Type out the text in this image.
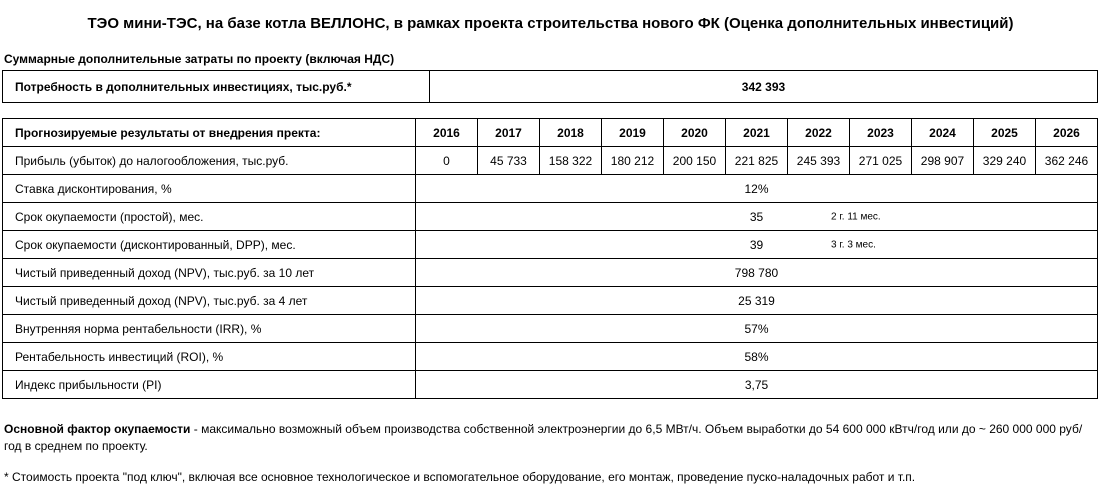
ТЭО мини-ТЭС, на базе котла ВЕЛЛОНС, в рамках проекта строительства нового ФК (Оценка дополнительных инвестиций)
Суммарные дополнительные затраты по проекту (включая НДС)
Потребность в дополнительных инвестициях, тыс.руб.*	342 393
Прогнозируемые результаты от внедрения пректа:	2016	2017	2018	2019	2020	2021	2022	2023	2024	2025	2026
Прибыль (убыток) до налогообложения, тыс.руб.	0	45 733	158 322	180 212	200 150	221 825	245 393	271 025	298 907	329 240	362 246
Ставка дисконтирования, %	12%										
Срок окупаемости (простой), мес.	35 2 г. 11 мес.										

Срок окупаемости (дисконтированный, DPP), мес.	39 3 г. 3 мес.										

Чистый приведенный доход (NPV), тыс.руб. за 10 лет	798 780										
Чистый приведенный доход (NPV), тыс.руб. за 4 лет	25 319										
Внутренняя норма рентабельности (IRR), %	57%										
Рентабельность инвестиций (ROI), %	58%										
Индекс прибыльности (PI)	3,75										
Основной фактор окупаемости - максимально возможный объем производства собственной электроэнергии до 6,5 МВт/ч. Объем выработки до 54 600 000 кВтч/год или до ~ 260 000 000 руб/год в среднем по проекту.
* Стоимость проекта "под ключ", включая все основное технологическое и вспомогательное оборудование, его монтаж, проведение пуско-наладочных работ и т.п.
